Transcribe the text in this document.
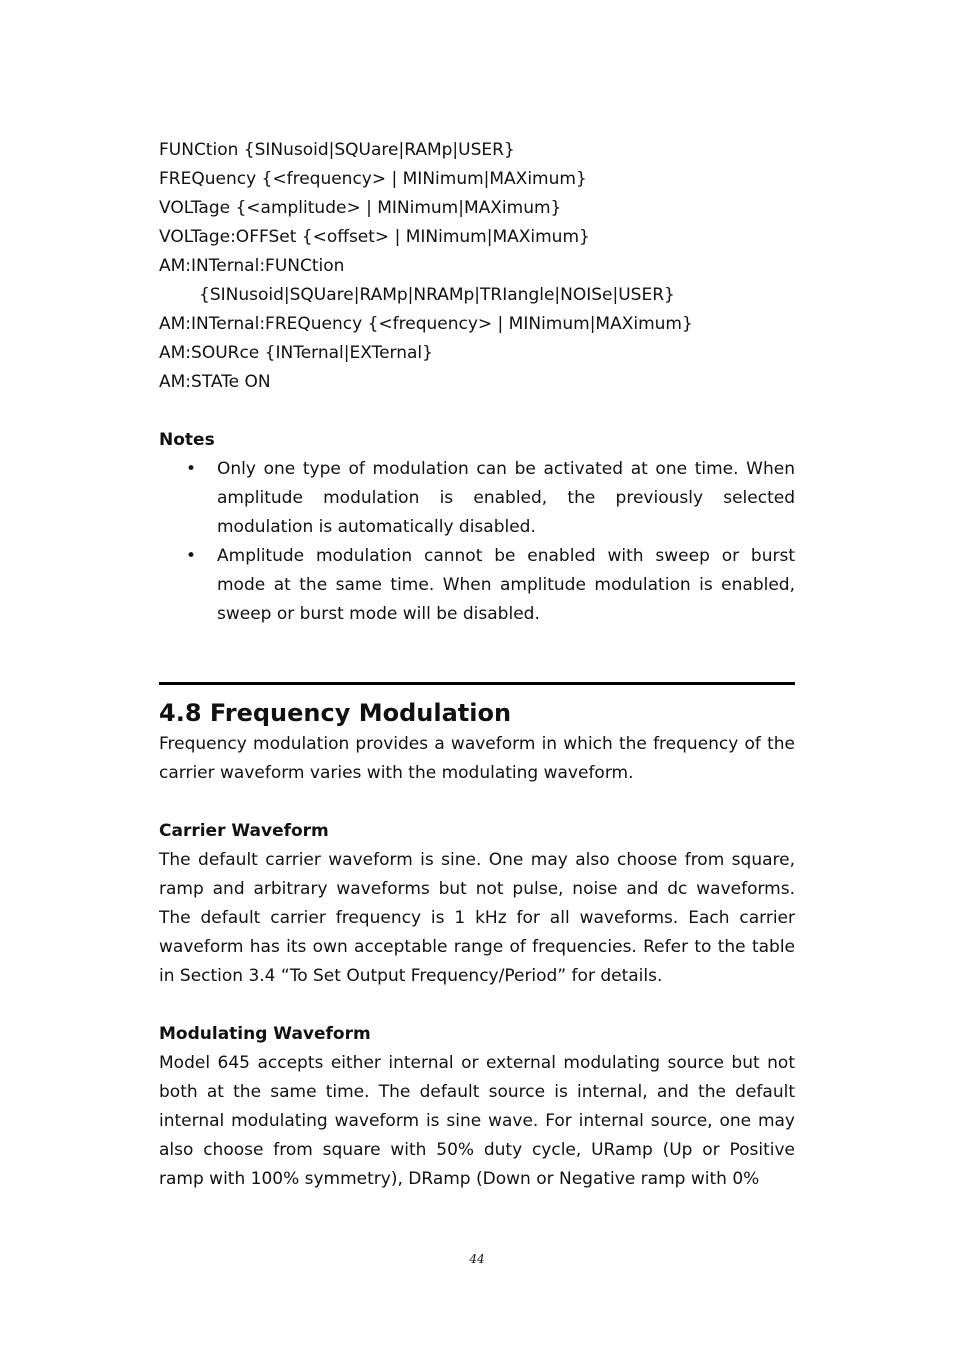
FUNCtion {SINusoid|SQUare|RAMp|USER}

FREQuency {<frequency> | MINimum|MAXimum}

VOLTage {<amplitude> | MINimum|MAXimum}

VOLTage:OFFSet {<offset> | MINimum|MAXimum}

AM:INTernal:FUNCtion

{SINusoid|SQUare|RAMp|NRAMp|TRIangle|NOISe|USER}

AM:INTernal:FREQuency {<frequency> | MINimum|MAXimum}

AM:SOURce {INTernal|EXTernal}

AM:STATe ON

Notes
• Only one type of modulation can be activated at one time. When amplitude modulation is enabled, the previously selected modulation is automatically disabled.
• Amplitude modulation cannot be enabled with sweep or burst mode at the same time. When amplitude modulation is enabled, sweep or burst mode will be disabled.
4.8 Frequency Modulation

Frequency modulation provides a waveform in which the frequency of the carrier waveform varies with the modulating waveform.

Carrier Waveform

The default carrier waveform is sine. One may also choose from square, ramp and arbitrary waveforms but not pulse, noise and dc waveforms. The default carrier frequency is 1 kHz for all waveforms. Each carrier waveform has its own acceptable range of frequencies. Refer to the table in Section 3.4 “To Set Output Frequency/Period” for details.

Modulating Waveform

Model 645 accepts either internal or external modulating source but not both at the same time. The default source is internal, and the default internal modulating waveform is sine wave. For internal source, one may also choose from square with 50% duty cycle, URamp (Up or Positive ramp with 100% symmetry), DRamp (Down or Negative ramp with 0%

44
